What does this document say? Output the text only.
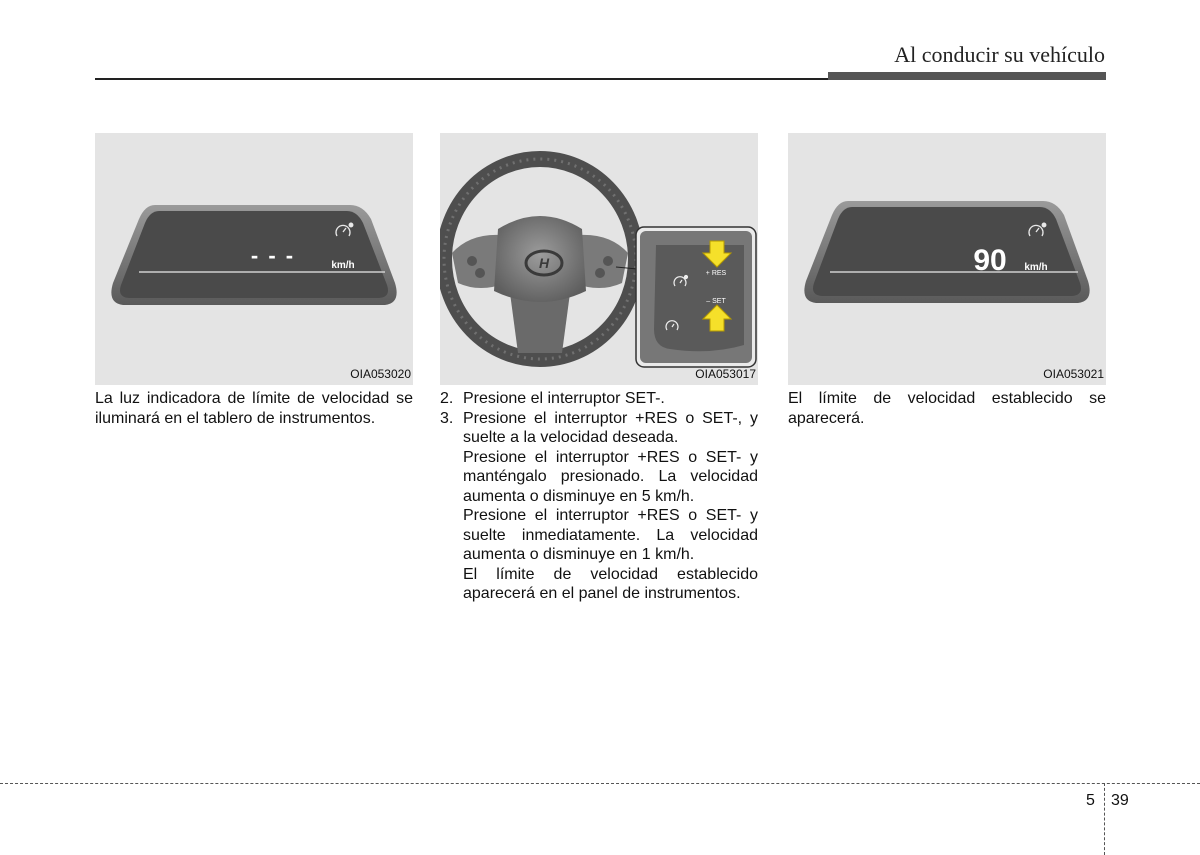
Al conducir su vehículo
- - -	km/h
OIA053020
H
+ RES
– SET
OIA053017
90 km/h
OIA053021

La luz indicadora de límite de velocidad se iluminará en el tablero de instrumentos.

2. Presione el interruptor SET-.
3. Presione el interruptor +RES o SET-, y suelte a la velocidad deseada.

Presione el interruptor +RES o SET- y manténgalo presionado. La velocidad aumenta o disminuye en 5 km/h.

Presione el interruptor +RES o SET- y suelte inmediatamente. La velocidad aumenta o disminuye en 1 km/h.

El límite de velocidad establecido aparecerá en el panel de instrumentos.

El límite de velocidad establecido se aparecerá.

5 39
